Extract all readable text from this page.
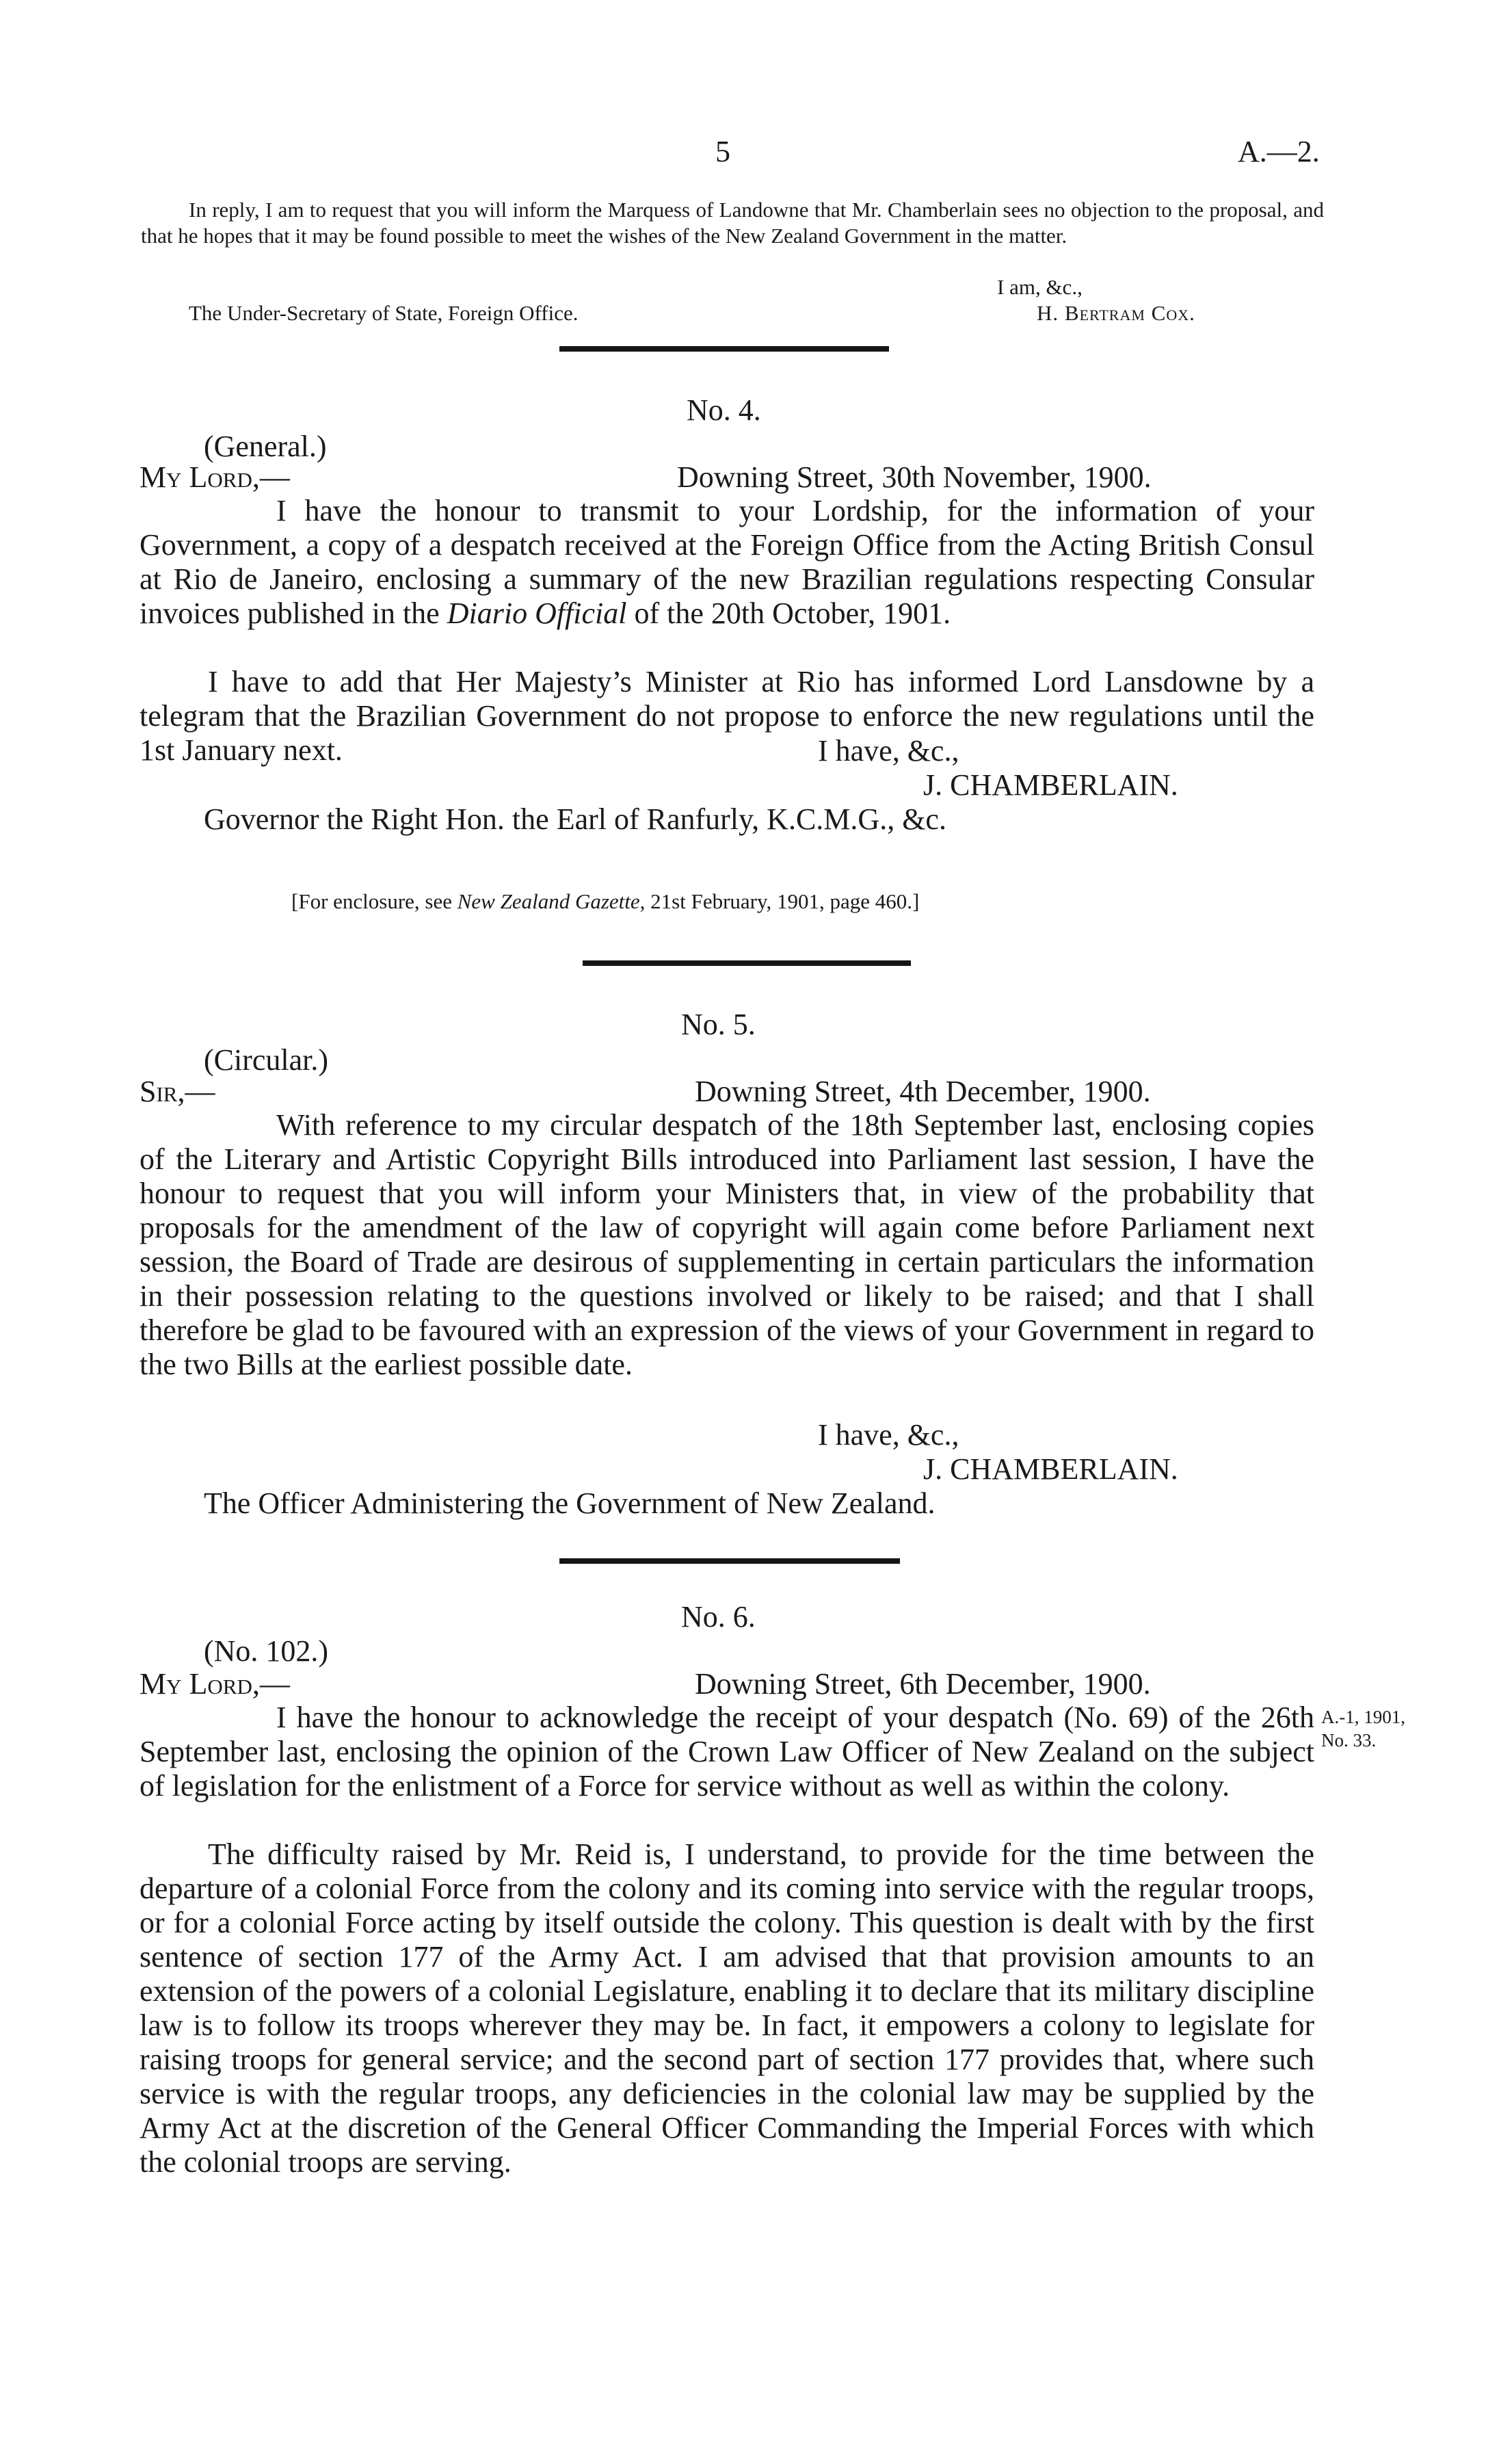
5	A.—2.

In reply, I am to request that you will inform the Marquess of Landowne that Mr. Chamberlain sees no objection to the proposal, and that he hopes that it may be found possible to meet the wishes of the New Zealand Government in the matter.

I am, &c.,
The Under-Secretary of State, Foreign Office.	H. Bertram Cox.
No. 4.
(General.)
My Lord,—	Downing Street, 30th November, 1900.

I have the honour to transmit to your Lordship, for the information of your Government, a copy of a despatch received at the Foreign Office from the Acting British Consul at Rio de Janeiro, enclosing a summary of the new Brazilian regulations respecting Consular invoices published in the Diario Official of the 20th October, 1901.

I have to add that Her Majesty’s Minister at Rio has informed Lord Lansdowne by a telegram that the Brazilian Government do not propose to enforce the new regulations until the 1st January next.	I have, &c.,
J. CHAMBERLAIN.
Governor the Right Hon. the Earl of Ranfurly, K.C.M.G., &c.
[For enclosure, see New Zealand Gazette, 21st February, 1901, page 460.]
No. 5.
(Circular.)
Sir,—	Downing Street, 4th December, 1900.

With reference to my circular despatch of the 18th September last, enclosing copies of the Literary and Artistic Copyright Bills introduced into Parliament last session, I have the honour to request that you will inform your Ministers that, in view of the probability that proposals for the amendment of the law of copyright will again come before Parliament next session, the Board of Trade are desirous of supplementing in certain particulars the information in their possession relating to the questions involved or likely to be raised; and that I shall therefore be glad to be favoured with an expression of the views of your Government in regard to the two Bills at the earliest possible date.

I have, &c.,
J. CHAMBERLAIN.
The Officer Administering the Government of New Zealand.
No. 6.
(No. 102.)
My Lord,—	Downing Street, 6th December, 1900.

I have the honour to acknowledge the receipt of your despatch (No. 69) of the 26th September last, enclosing the opinion of the Crown Law Officer of New Zealand on the subject of legislation for the enlistment of a Force for service without as well as within the colony.

The difficulty raised by Mr. Reid is, I understand, to provide for the time between the departure of a colonial Force from the colony and its coming into service with the regular troops, or for a colonial Force acting by itself outside the colony. This question is dealt with by the first sentence of section 177 of the Army Act. I am advised that that provision amounts to an extension of the powers of a colonial Legislature, enabling it to declare that its military discipline law is to follow its troops wherever they may be. In fact, it empowers a colony to legislate for raising troops for general service; and the second part of section 177 provides that, where such service is with the regular troops, any deficiencies in the colonial law may be supplied by the Army Act at the discretion of the General Officer Commanding the Imperial Forces with which the colonial troops are serving.

A.-1, 1901,
No. 33.
